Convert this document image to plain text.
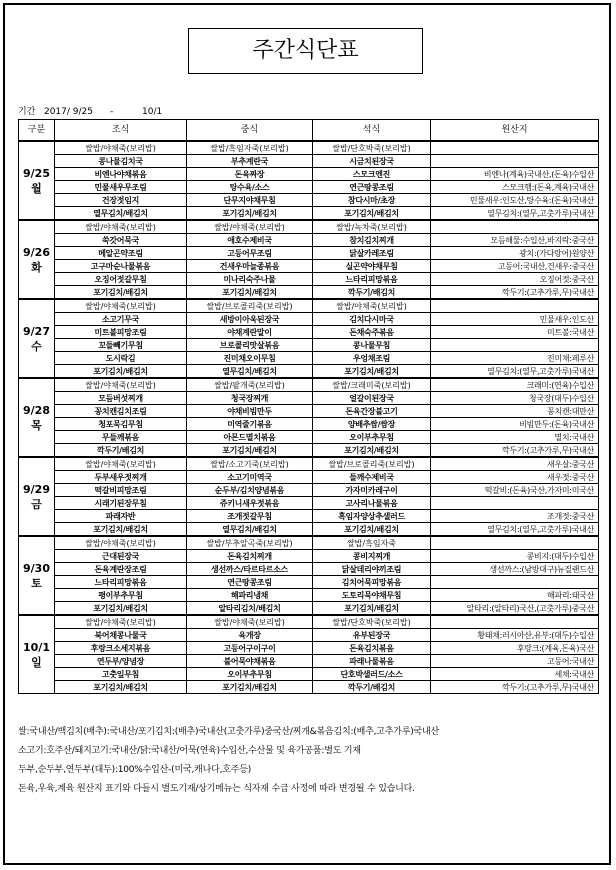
주간식단표
기간 2017/ 9/25      -          10/1
구분	조식	중식	석식	원산지
9/25
월	쌀밥/야채죽(보리밥)	쌀밥/흑임자죽(보리밥)	쌀밥/단호박죽(보리밥)	
	콩나물김치국	부추계란국	시금치된장국	
	비엔나야채볶음	돈육짜장	스모크엔진	비엔나(계육)국내산,(돈육)수입산
	민물새우무조림	탕수육/소스	연근땅콩조림	스모크햄:(돈육,계육)국내산
	건장젓임지	단무지야채무침	참다시마/초장	민물새우:인도산,탕수육:(돈육)국내산
	열무김치/배김치	포기김치/배김치	포기김치/배김치	열무김치:(열무,고춧가루)국내산
9/26
화	쌀밥/야채죽(보리밥)	쌀밥/야채죽(보리밥)	쌀밥/녹차죽(보리밥)	
	쑥갓어묵국	애호수제비국	참치김치찌개	모듬해물:수입산,바지락:중국산
	메알곤약조림	고등어무조림	닭살카레조림	광치:(가다랑어)원양산
	고구마순나물볶음	건새우마늘종볶음	실곤약야채무침	고등어:국내산,건새우:중국산
	오징어젓갈무침	미나리숙주나물	느타리피망볶음	오징어젓:중국산
	포기김치/배김치	포기김치/배김치	깍두기/배김치	깍두기:(고추가루,무)국내산
9/27
수	쌀밥/야채죽(보리밥)	쌀밥/브로콜리죽(보리밥)	쌀밥/야채죽(보리밥)	
	소고기무국	새방이아욱된장국	김치다시마국	민물새우:인도산
	미트볼피망조림	야채계란말이	돈채숙주볶음	미트볼:국내산
	꼬들빼기무침	브로콜리맛살볶음	콩나물무침	
	도시락김	진미채오이무침	우엉채조림	진미채:페루산
	포기김치/배김치	열무김치/배김치	포기김치/배김치	열무김치:(열무,고춧가루)국내산
9/28
목	쌀밥/야채죽(보리밥)	쌀밥/팥개죽(보리밥)	쌀밥/크래미죽(보리밥)	크래미:(연육)수입산
	모듬버섯찌개	청국장찌개	얼갈이된장국	청국장(대두)수입산
	꽁치캔김치조림	야채비빔만두	돈육간장불고기	꽁치캔:대만산
	청포묵김무침	미역줄기볶음	양배추쌈/쌈장	비빔만두:(돈육)국내산
	무들깨볶음	아몬드멸치볶음	오이부추무침	멸치:국내산
	깍두기/배김치	포기김치/배김치	포기김치/배김치	깍두기:(고추가루,무)국내산
9/29
금	쌀밥/야채죽(보리밥)	쌀밥/소고기죽(보리밥)	쌀밥/브로콜리죽(보리밥)	새우살:중국산
	두부새우젓찌개	소고기미역국	들깨수제비국	새우젓:중국산
	떡갈비피망조림	순두부/김치양념볶음	가자미카레구이	떡갈비:(돈육)국산,가자미:미국산
	시래기된장무침	쥬키니새우젓볶음	고사리나물볶음	
	파래자반	조개젓갈무침	혹임자양상추샐러드	조개젓:중국산
	포기김치/배김치	열무김치/배김치	포기김치/배김치	열무김치:(열무,고춧가루)국내산
9/30
토	쌀밥/야채죽(보리밥)	쌀밥/부추알곡죽(보리밥)	쌀밥/흑임자죽	
	근대된장국	돈육김치찌개	콩비지찌개	콩비지:(대두)수입산
	돈육계란장조림	생선까스/타르타르소스	닭살데리야끼조림	생선까스:(남방대구)뉴질랜드산
	느타리피망볶음	연근땅콩조림	김치어묵피망볶음	
	평이부추무침	해파리냉채	도토리묵야채무침	해파리:태국산
	포기김치/배김치	알타리김치/배김치	포기김치/배김치	알타리:(알타리)국산,(고춧가루)중국산
10/1
일	쌀밥/야채죽(보리밥)	쌀밥/야채죽(보리밥)	쌀밥/단호박죽(보리밥)	
	북어채콩나물국	육개장	유부된장국	황태채:러시아산,유부:(대두)수입산
	후랑크소세지볶음	고등어구이구이	돈육김치볶음	후랑크:(계육,돈육)국산
	연두부/양념장	불어묵야채볶음	파래나물볶음	고등어:국내산
	고춧잎무침	오이부추무침	단호박샐러드/소스	세채:국내산
	포기김치/배김치	포기김치/배김치	깍두기/배김치	깍두기:(고추가루,무)국내산

쌀:국내산/백김치(배추):국내산/포기김치:(배추)국내산(고춧가루)중국산/찌개&볶음김치:(배추,고추가루)국내산

소고기:호주산/돼지고기:국내산/닭:국내산/어묵(연육)수입산,수산물 및 육가공품:별도 기재

두부,순두부,연두부(대두):100%수입산-(미국,캐나다,호주등)

돈육,우육,계육 원산지 표기와 다들시 별도기재/상기메뉴는 식자재 수급 사정에 따라 변경될 수 있습니다.
